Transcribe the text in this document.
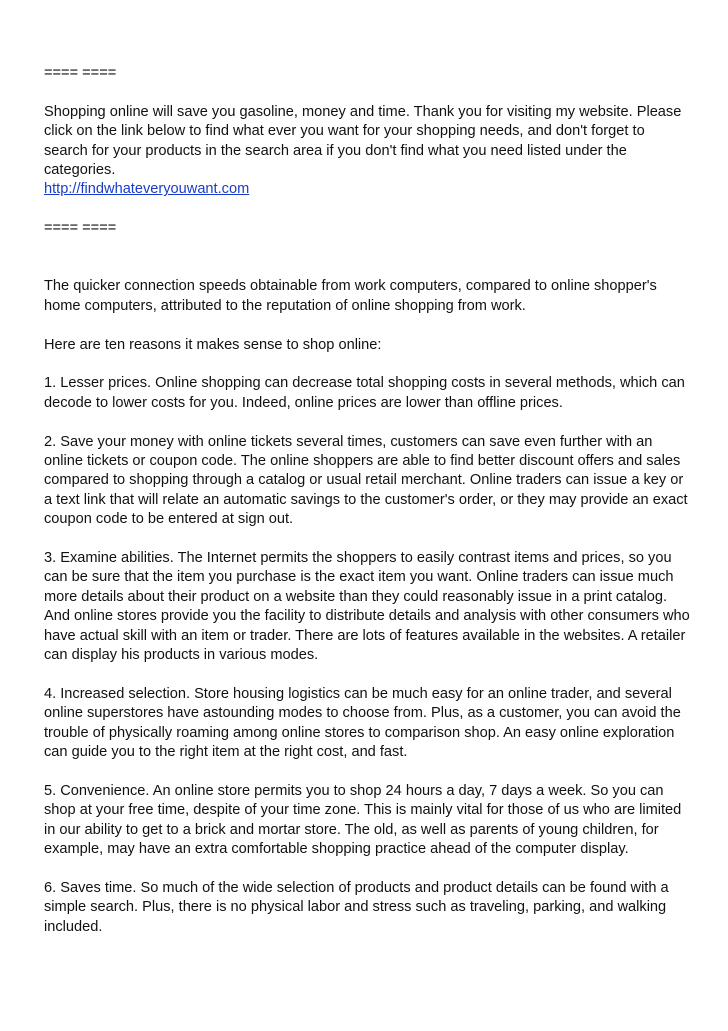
==== ====

Shopping online will save you gasoline, money and time. Thank you for visiting my website. Please click on the link below to find what ever you want for your shopping needs, and don't forget to search for your products in the search area if you don't find what you need listed under the categories.

http://findwhateveryouwant.com

==== ====

The quicker connection speeds obtainable from work computers, compared to online shopper's home computers, attributed to the reputation of online shopping from work.

Here are ten reasons it makes sense to shop online:

1. Lesser prices. Online shopping can decrease total shopping costs in several methods, which can decode to lower costs for you. Indeed, online prices are lower than offline prices.

2. Save your money with online tickets several times, customers can save even further with an online tickets or coupon code. The online shoppers are able to find better discount offers and sales compared to shopping through a catalog or usual retail merchant. Online traders can issue a key or a text link that will relate an automatic savings to the customer's order, or they may provide an exact coupon code to be entered at sign out.

3. Examine abilities. The Internet permits the shoppers to easily contrast items and prices, so you can be sure that the item you purchase is the exact item you want. Online traders can issue much more details about their product on a website than they could reasonably issue in a print catalog. And online stores provide you the facility to distribute details and analysis with other consumers who have actual skill with an item or trader. There are lots of features available in the websites. A retailer can display his products in various modes.

4. Increased selection. Store housing logistics can be much easy for an online trader, and several online superstores have astounding modes to choose from. Plus, as a customer, you can avoid the trouble of physically roaming among online stores to comparison shop. An easy online exploration can guide you to the right item at the right cost, and fast.

5. Convenience. An online store permits you to shop 24 hours a day, 7 days a week. So you can shop at your free time, despite of your time zone. This is mainly vital for those of us who are limited in our ability to get to a brick and mortar store. The old, as well as parents of young children, for example, may have an extra comfortable shopping practice ahead of the computer display.

6. Saves time. So much of the wide selection of products and product details can be found with a simple search. Plus, there is no physical labor and stress such as traveling, parking, and walking included.
